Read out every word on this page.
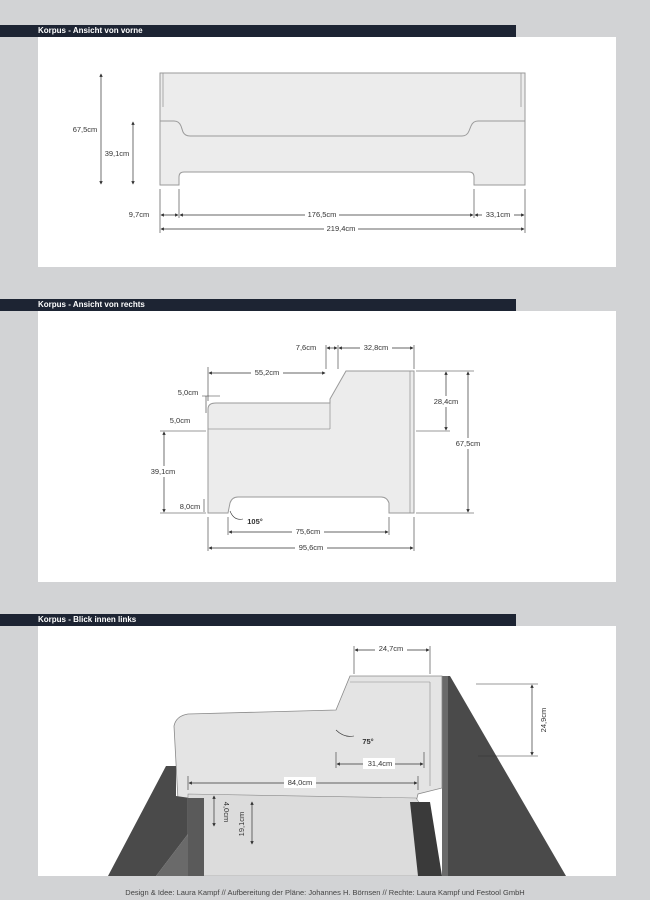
Korpus - Ansicht von vorne
67,5cm
39,1cm
9,7cm	176,5cm	33,1cm
219,4cm
Korpus - Ansicht von rechts
7,6cm	32,8cm
55,2cm
5,0cm
5,0cm
28,4cm
67,5cm
39,1cm
8,0cm
105°
75,6cm
95,6cm
Korpus - Blick innen links
24,7cm
24,9cm
75°
31,4cm
84,0cm
4,0cm 19,1cm
Design & Idee: Laura Kampf // Aufbereitung der Pläne: Johannes H. Börnsen // Rechte: Laura Kampf und Festool GmbH
